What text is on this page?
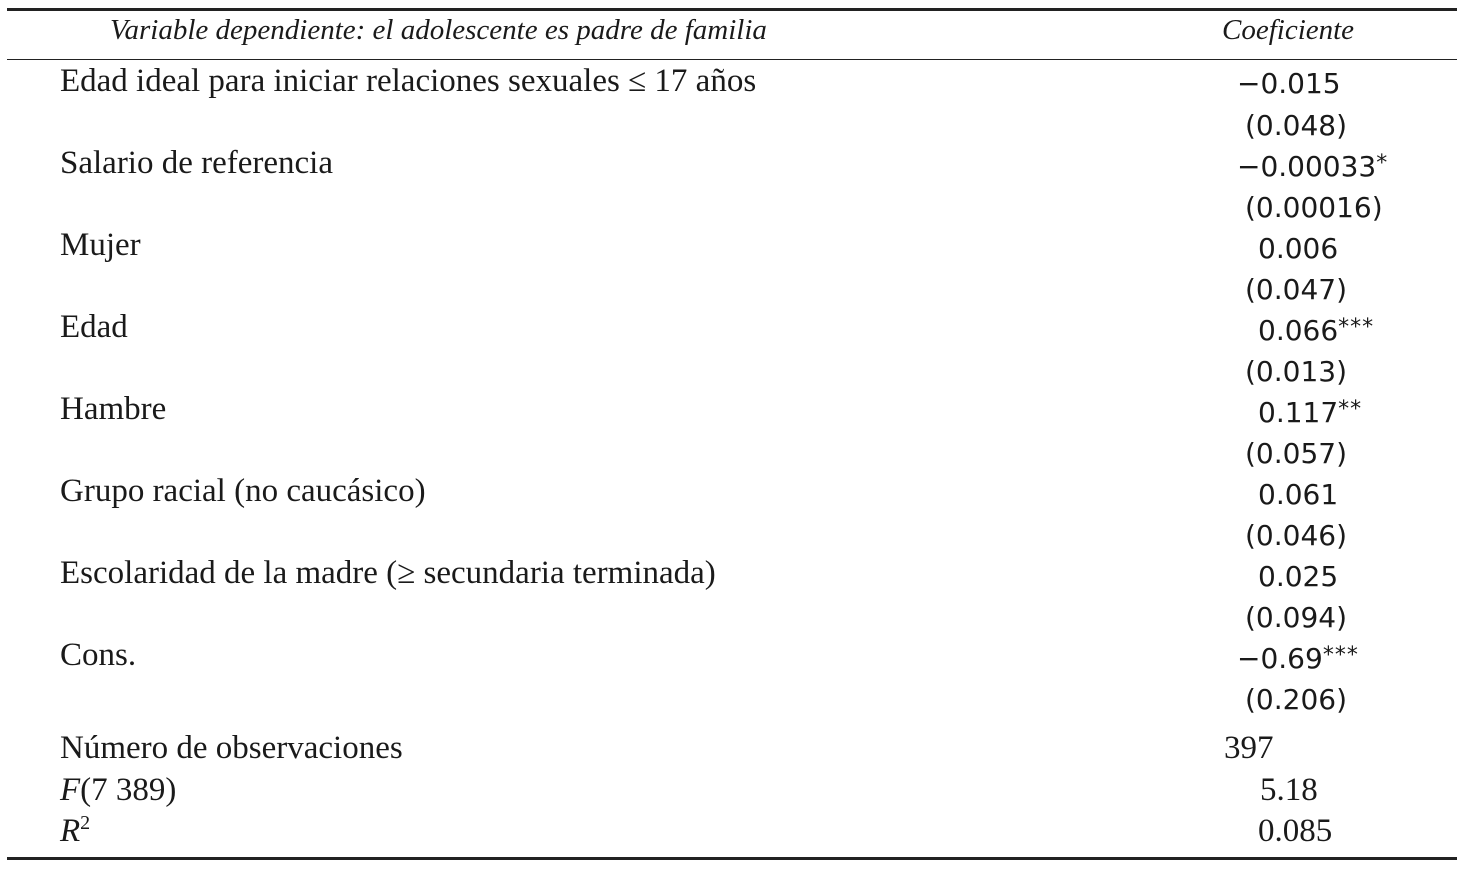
Variable dependiente: el adolescente es padre de familia	Coeficiente
Edad ideal para iniciar relaciones sexuales ≤ 17 años	−0.015
(0.048)
Salario de referencia	−0.00033*
(0.00016)
Mujer	0.006
(0.047)
Edad	0.066***
(0.013)
Hambre	0.117**
(0.057)
Grupo racial (no caucásico)	0.061
(0.046)
Escolaridad de la madre (≥ secundaria terminada)	0.025
(0.094)
Cons.	−0.69***
(0.206)
Número de observaciones	397
F(7 389)	5.18
$R^2$	0.085
